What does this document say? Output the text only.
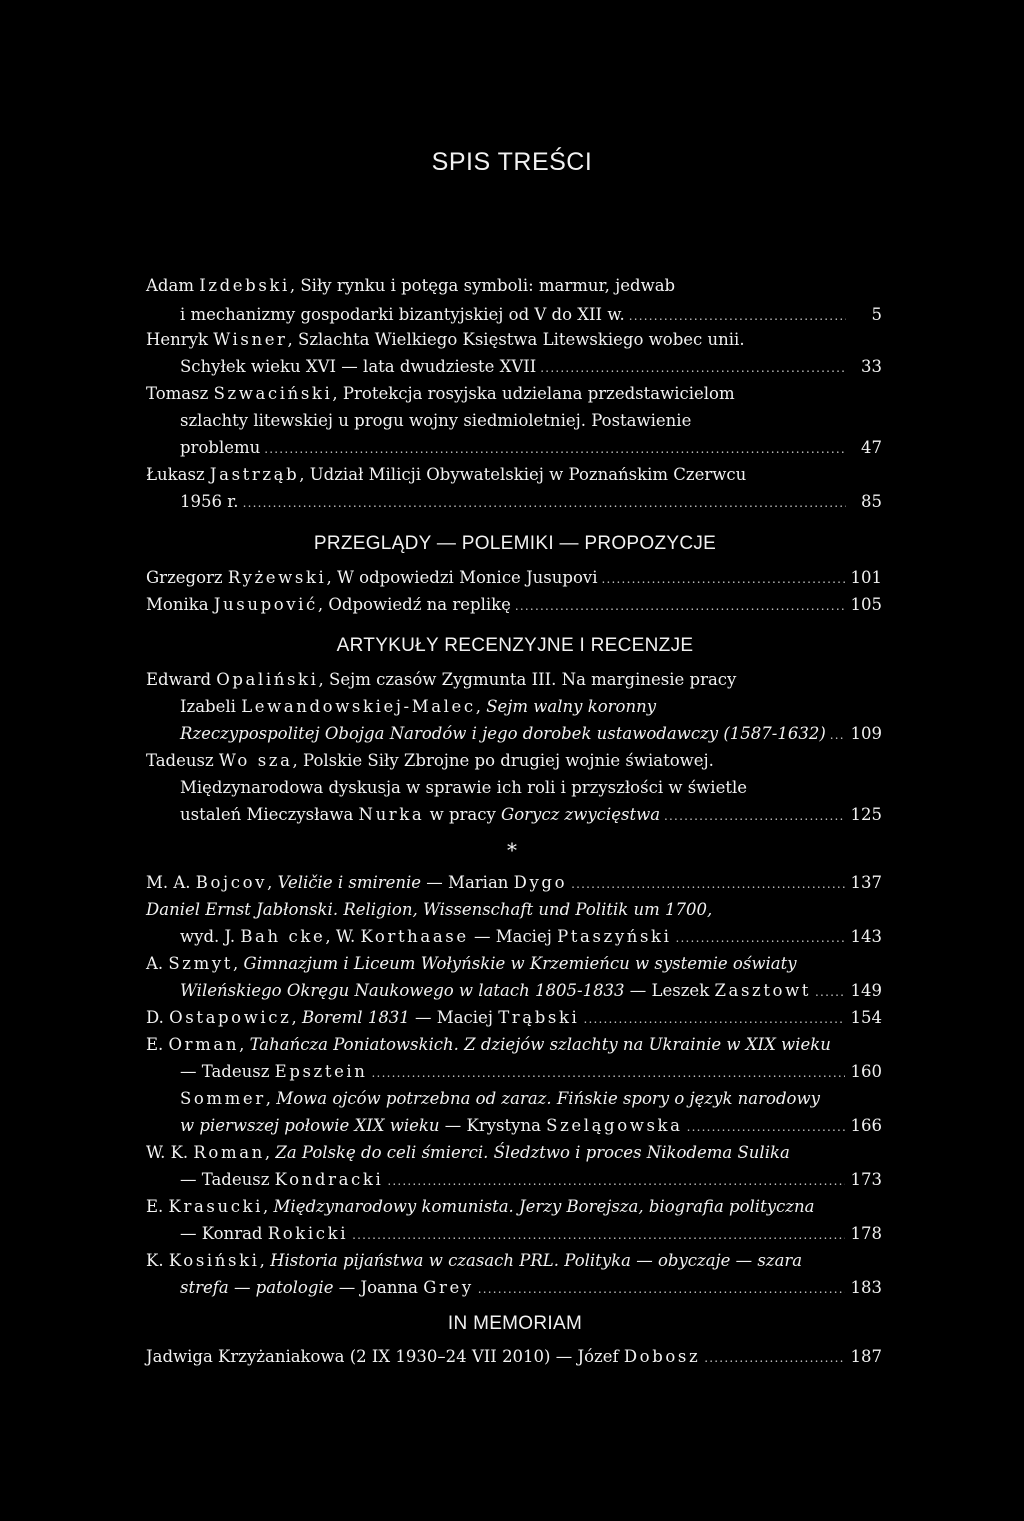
SPIS TREŚCI
Adam Izdebski, Siły rynku i potęga symboli: marmur, jedwab
i mechanizmy gospodarki bizantyjskiej od V do XII w. .....	5
Henryk Wisner, Szlachta Wielkiego Księstwa Litewskiego wobec unii.
Schyłek wieku XVI — lata dwudzieste XVII .....	33
Tomasz Szwaciński, Protekcja rosyjska udzielana przedstawicielom
szlachty litewskiej u progu wojny siedmioletniej. Postawienie
problemu .....	47
Łukasz Jastrząb, Udział Milicji Obywatelskiej w Poznańskim Czerwcu
1956 r. .....	85
PRZEGLĄDY — POLEMIKI — PROPOZYCJE
Grzegorz Ryżewski, W odpowiedzi Monice Jusupovi .....	101
Monika Jusupović, Odpowiedź na replikę .....	105
ARTYKUŁY RECENZYJNE I RECENZJE
Edward Opaliński, Sejm czasów Zygmunta III. Na marginesie pracy
Izabeli Lewandowskiej-Malec, Sejm walny koronny
Rzeczypospolitej Obojga Narodów i jego dorobek ustawodawczy (1587-1632) ..... 109
Tadeusz Wo sza, Polskie Siły Zbrojne po drugiej wojnie światowej.
Międzynarodowa dyskusja w sprawie ich roli i przyszłości w świetle
ustaleń Mieczysława Nurka w pracy Gorycz zwycięstwa .....	125
*
M. A. Bojcov, Veličie i smirenie — Marian Dygo .....	137
Daniel Ernst Jabłonski. Religion, Wissenschaft und Politik um 1700,
wyd. J. Bah cke, W. Korthaase — Maciej Ptaszyński .....	143
A. Szmyt, Gimnazjum i Liceum Wołyńskie w Krzemieńcu w systemie oświaty
Wileńskiego Okręgu Naukowego w latach 1805-1833 — Leszek Zasztowt ..... 149
D. Ostapowicz, Boreml 1831 — Maciej Trąbski .....	154
E. Orman, Tahańcza Poniatowskich. Z dziejów szlachty na Ukrainie w XIX wieku
— Tadeusz Epsztein .....	160
Sommer, Mowa ojców potrzebna od zaraz. Fińskie spory o język narodowy
w pierwszej połowie XIX wieku — Krystyna Szelągowska .....	166
W. K. Roman, Za Polskę do celi śmierci. Śledztwo i proces Nikodema Sulika
— Tadeusz Kondracki .....	173
E. Krasucki, Międzynarodowy komunista. Jerzy Borejsza, biografia polityczna
— Konrad Rokicki .....	178
K. Kosiński, Historia pijaństwa w czasach PRL. Polityka — obyczaje — szara
strefa — patologie — Joanna Grey .....	183
IN MEMORIAM
Jadwiga Krzyżaniakowa (2 IX 1930–24 VII 2010) — Józef Dobosz .....	187
